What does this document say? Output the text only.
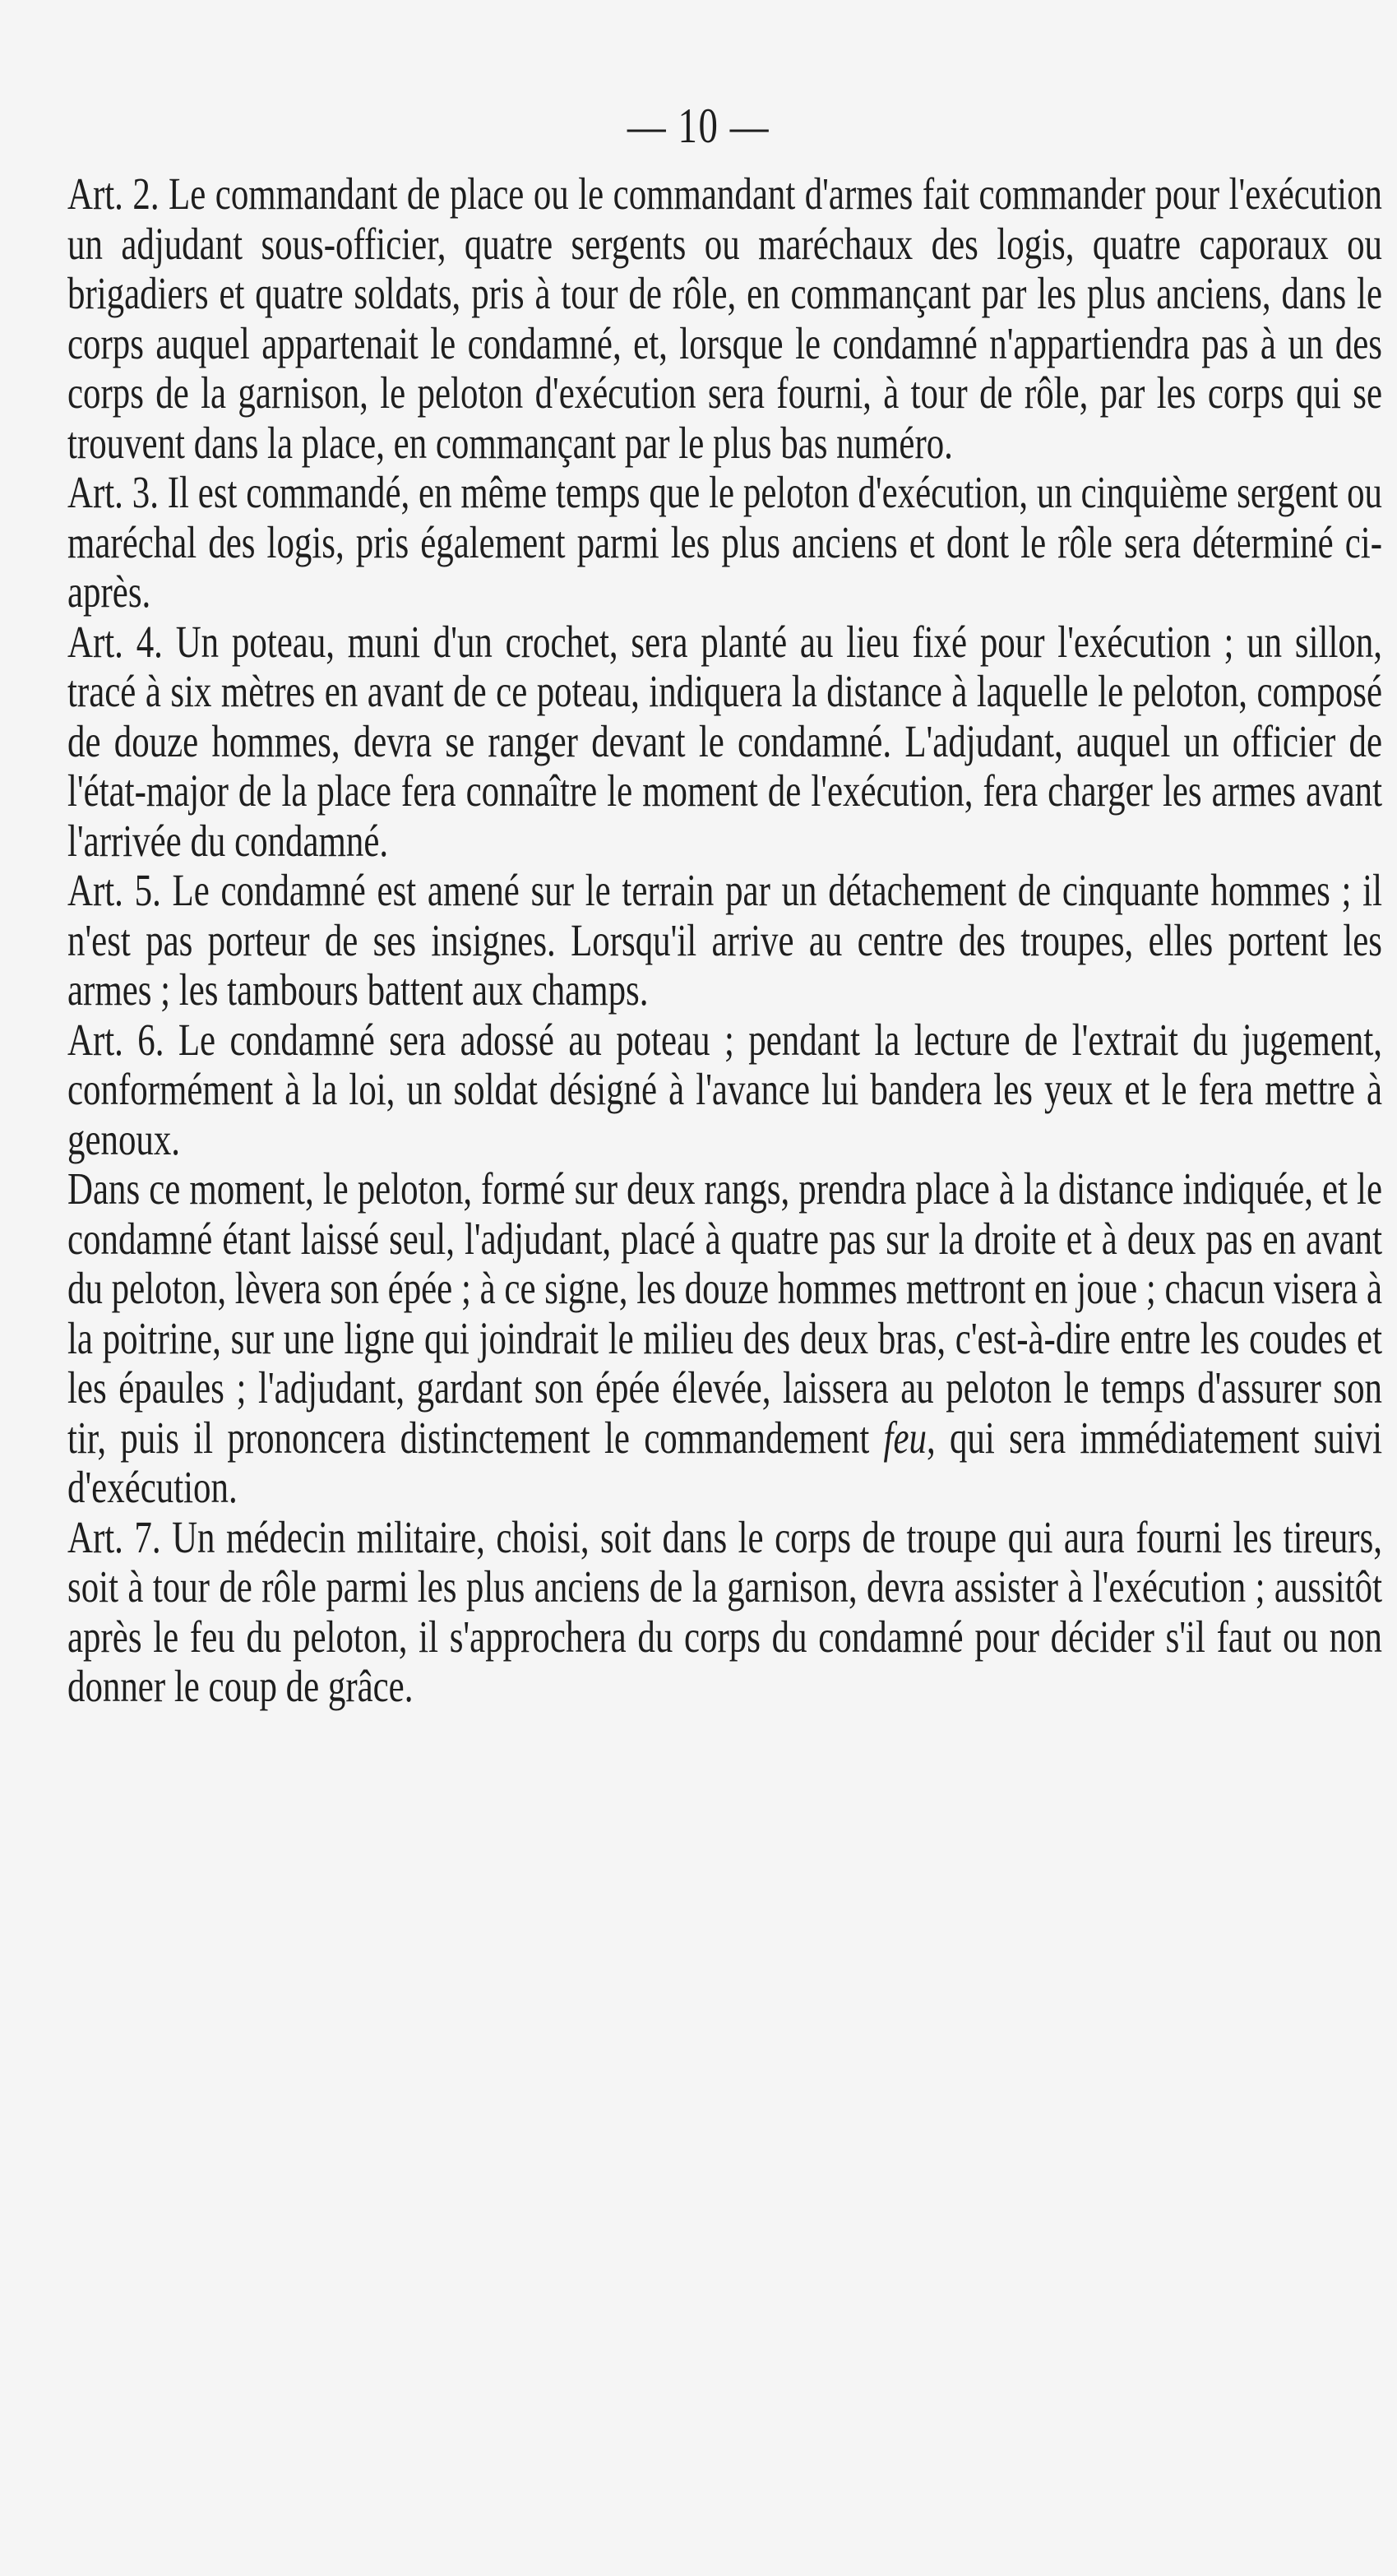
— 10 —

Art. 2. Le commandant de place ou le commandant d'armes fait commander pour l'exécution un adjudant sous-officier, quatre sergents ou maréchaux des logis, quatre caporaux ou brigadiers et quatre soldats, pris à tour de rôle, en commançant par les plus anciens, dans le corps auquel appartenait le condamné, et, lorsque le condamné n'appartiendra pas à un des corps de la garnison, le peloton d'exécution sera fourni, à tour de rôle, par les corps qui se trouvent dans la place, en commançant par le plus bas numéro.

Art. 3. Il est commandé, en même temps que le peloton d'exécution, un cinquième sergent ou maréchal des logis, pris également parmi les plus anciens et dont le rôle sera déterminé ci-après.

Art. 4. Un poteau, muni d'un crochet, sera planté au lieu fixé pour l'exécution ; un sillon, tracé à six mètres en avant de ce poteau, indiquera la distance à laquelle le peloton, composé de douze hommes, devra se ranger devant le condamné. L'adjudant, auquel un officier de l'état-major de la place fera connaître le moment de l'exécution, fera charger les armes avant l'arrivée du condamné.

Art. 5. Le condamné est amené sur le terrain par un détachement de cinquante hommes ; il n'est pas porteur de ses insignes. Lorsqu'il arrive au centre des troupes, elles portent les armes ; les tambours battent aux champs.

Art. 6. Le condamné sera adossé au poteau ; pendant la lecture de l'extrait du jugement, conformément à la loi, un soldat désigné à l'avance lui bandera les yeux et le fera mettre à genoux.

Dans ce moment, le peloton, formé sur deux rangs, prendra place à la distance indiquée, et le condamné étant laissé seul, l'adjudant, placé à quatre pas sur la droite et à deux pas en avant du peloton, lèvera son épée ; à ce signe, les douze hommes mettront en joue ; chacun visera à la poitrine, sur une ligne qui joindrait le milieu des deux bras, c'est-à-dire entre les coudes et les épaules ; l'adjudant, gardant son épée élevée, laissera au peloton le temps d'assurer son tir, puis il prononcera distinctement le commandement feu, qui sera immédiatement suivi d'exécution.

Art. 7. Un médecin militaire, choisi, soit dans le corps de troupe qui aura fourni les tireurs, soit à tour de rôle parmi les plus anciens de la garnison, devra assister à l'exécution ; aussitôt après le feu du peloton, il s'approchera du corps du condamné pour décider s'il faut ou non donner le coup de grâce.
